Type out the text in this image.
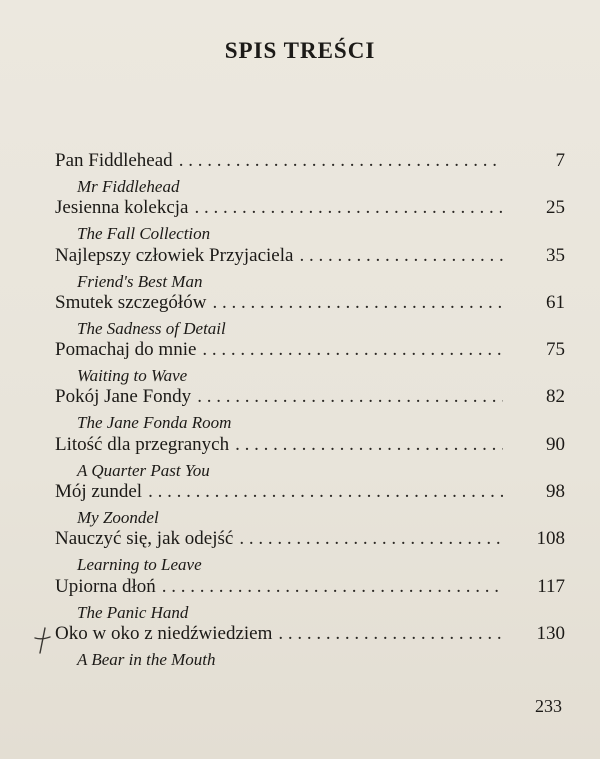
SPIS TREŚCI
Pan Fiddlehead . . .	7
Mr Fiddlehead
Jesienna kolekcja . . .	25
The Fall Collection
Najlepszy człowiek Przyjaciela . . .	35
Friend's Best Man
Smutek szczegółów . . .	61
The Sadness of Detail
Pomachaj do mnie . . .	75
Waiting to Wave
Pokój Jane Fondy . . .	82
The Jane Fonda Room
Litość dla przegranych . . .	90
A Quarter Past You
Mój zundel . . .	98
My Zoondel
Nauczyć się, jak odejść . . .	108
Learning to Leave
Upiorna dłoń . . .	117
The Panic Hand
Oko w oko z niedźwiedziem . . .	130
A Bear in the Mouth
233
